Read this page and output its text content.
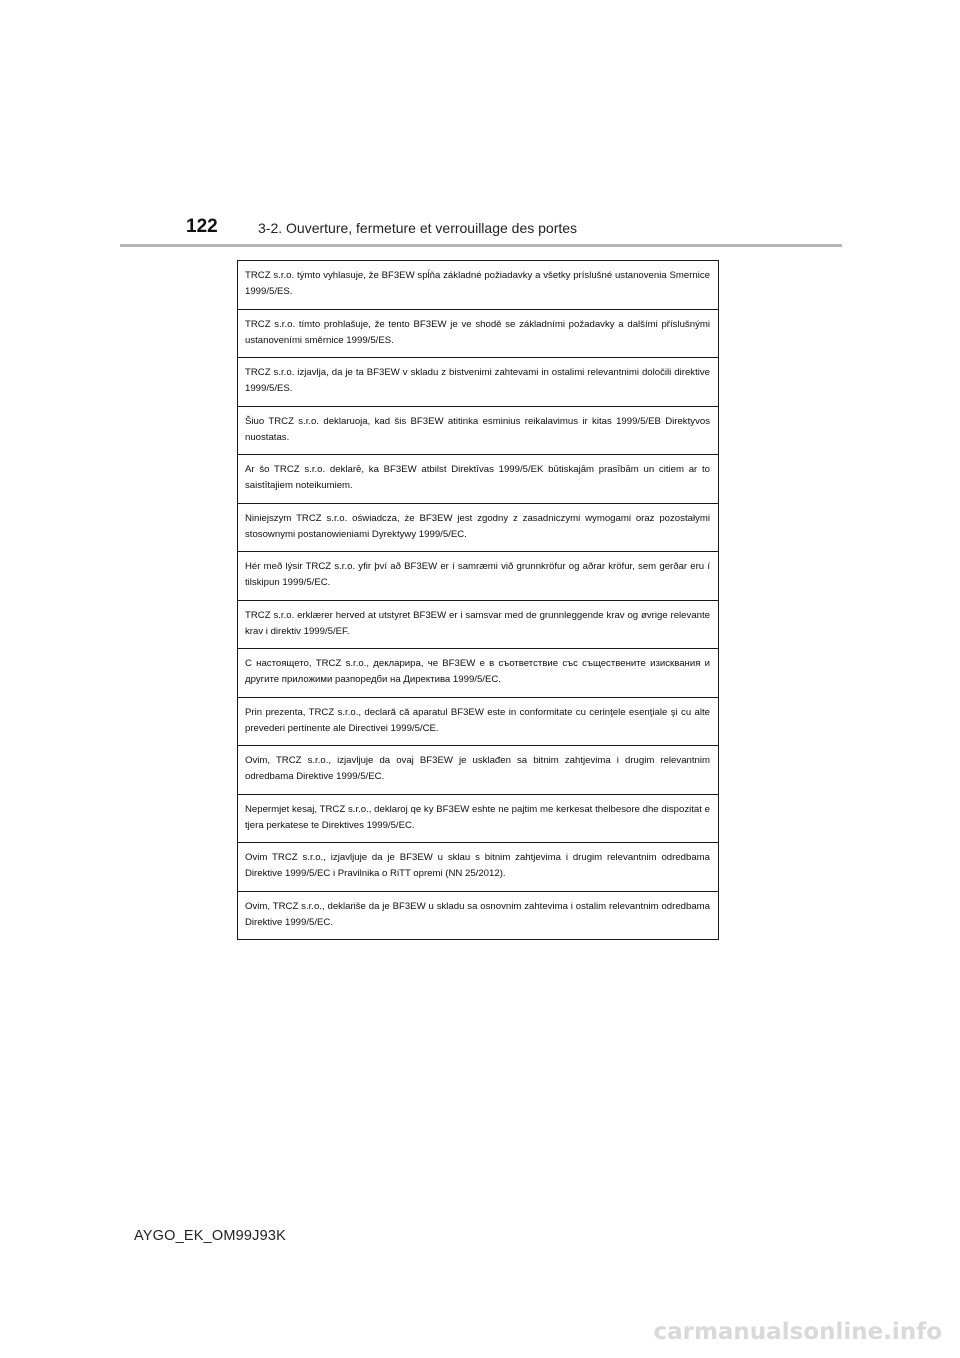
122	3-2. Ouverture, fermeture et verrouillage des portes
TRCZ s.r.o. týmto vyhlasuje, že BF3EW spĺňa základné požiadavky a všetky príslušné ustanovenia Smernice 1999/5/ES.
TRCZ s.r.o. tímto prohlašuje, že tento BF3EW je ve shodě se základními požadavky a dalšími příslušnými ustanoveními směrnice 1999/5/ES.
TRCZ s.r.o. izjavlja, da je ta BF3EW v skladu z bistvenimi zahtevami in ostalimi relevantnimi določili direktive 1999/5/ES.
Šiuo TRCZ s.r.o. deklaruoja, kad šis BF3EW atitinka esminius reikalavimus ir kitas 1999/5/EB Direktyvos nuostatas.
Ar šo TRCZ s.r.o. deklarē, ka BF3EW atbilst Direktīvas 1999/5/EK būtiskajām prasībām un citiem ar to saistītajiem noteikumiem.
Niniejszym TRCZ s.r.o. oświadcza, że BF3EW jest zgodny z zasadniczymi wymogami oraz pozostałymi stosownymi postanowieniami Dyrektywy 1999/5/EC.
Hér með lýsir TRCZ s.r.o. yfir því að BF3EW er í samræmi við grunnkröfur og aðrar kröfur, sem gerðar eru í tilskipun 1999/5/EC.
TRCZ s.r.o. erklærer herved at utstyret BF3EW er i samsvar med de grunnleggende krav og øvrige relevante krav i direktiv 1999/5/EF.
С настоящето, TRCZ s.r.o., декларира, че BF3EW е в съответствие със съществените изисквания и другите приложими разпоредби на Директива 1999/5/EC.
Prin prezenta, TRCZ s.r.o., declară că aparatul BF3EW este in conformitate cu cerinţele esenţiale şi cu alte prevederi pertinente ale Directivei 1999/5/CE.
Ovim, TRCZ s.r.o., izjavljuje da ovaj BF3EW je usklađen sa bitnim zahtjevima i drugim relevantnim odredbama Direktive 1999/5/EC.
Nepermjet kesaj, TRCZ s.r.o., deklaroj qe ky BF3EW eshte ne pajtim me kerkesat thelbesore dhe dispozitat e tjera perkatese te Direktives 1999/5/EC.
Ovim TRCZ s.r.o., izjavljuje da je BF3EW u sklau s bitnim zahtjevima i drugim relevantnim odredbama Direktive 1999/5/EC i Pravilnika o RiTT opremi (NN 25/2012).
Ovim, TRCZ s.r.o., deklariše da je BF3EW u skladu sa osnovnim zahtevima i ostalim relevantnim odredbama Direktive 1999/5/EC.
AYGO_EK_OM99J93K
carmanualsonline.info
